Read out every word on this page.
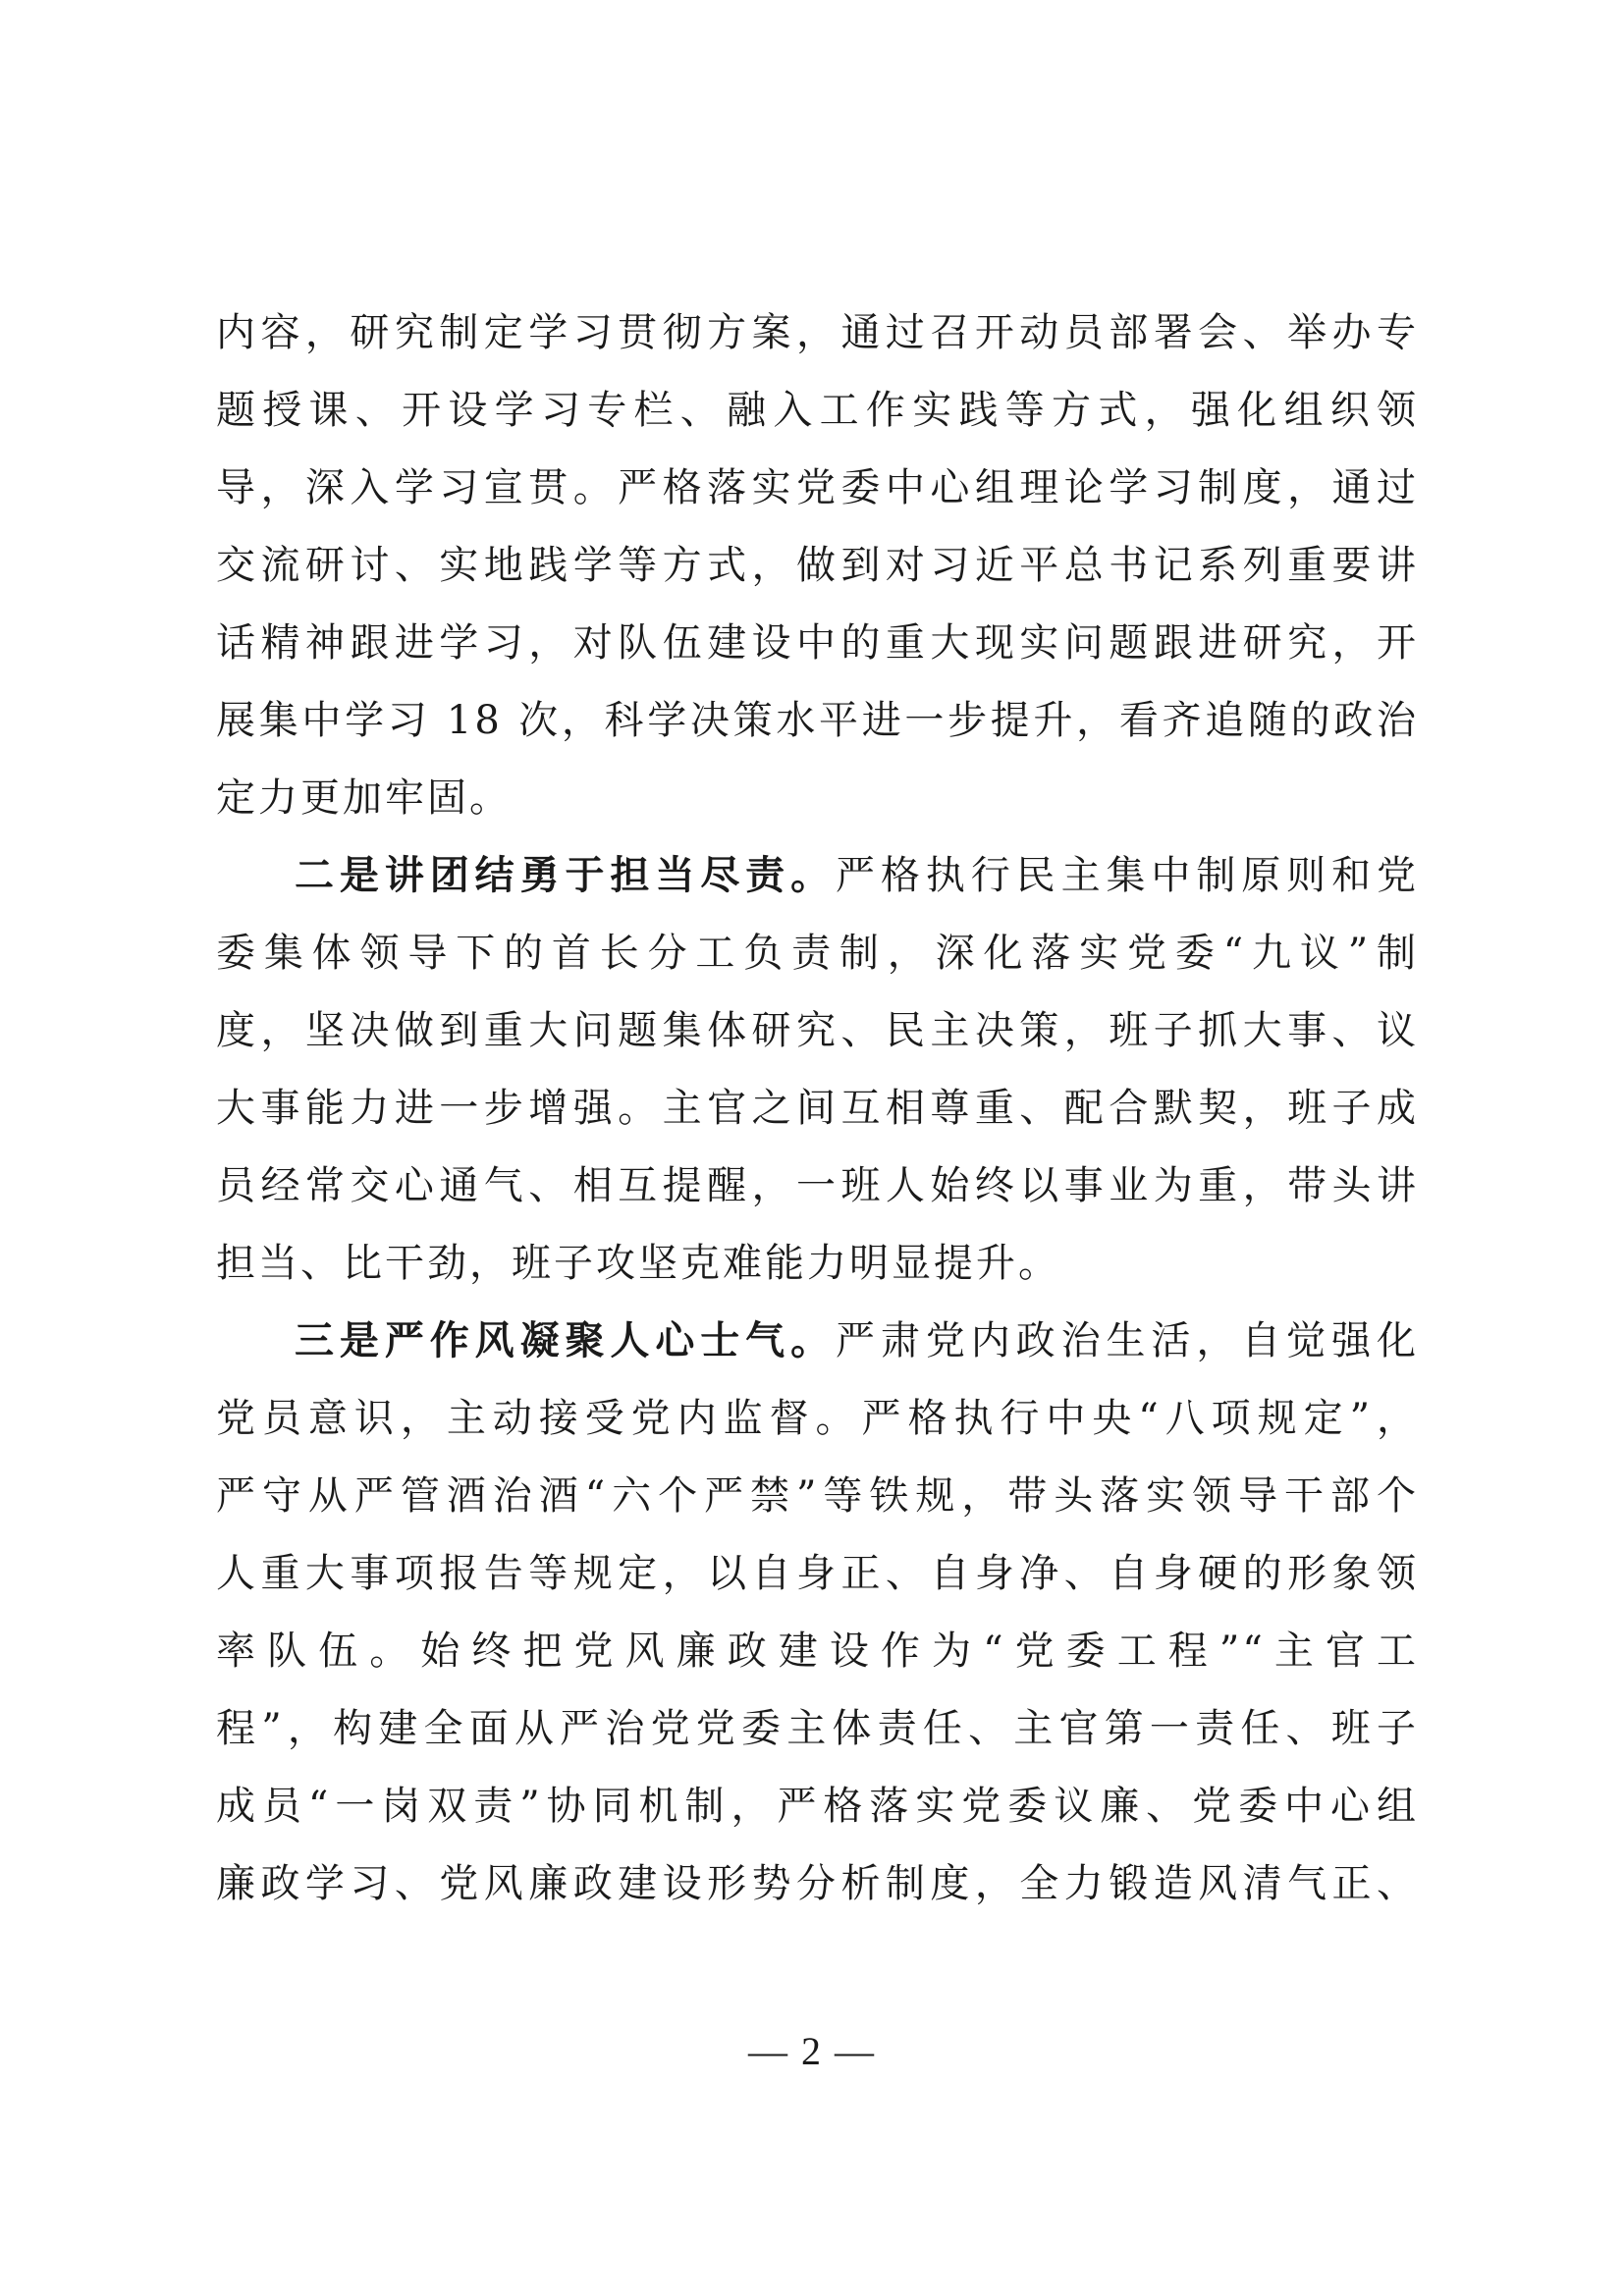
内容，研究制定学习贯彻方案，通过召开动员部署会、举办专
题授课、开设学习专栏、融入工作实践等方式，强化组织领
导，深入学习宣贯。严格落实党委中心组理论学习制度，通过
交流研讨、实地践学等方式，做到对习近平总书记系列重要讲
话精神跟进学习，对队伍建设中的重大现实问题跟进研究，开
展集中学习 18 次，科学决策水平进一步提升，看齐追随的政治
定力更加牢固。
二是讲团结勇于担当尽责。严格执行民主集中制原则和党
委集体领导下的首长分工负责制，深化落实党委“九议”制
度，坚决做到重大问题集体研究、民主决策，班子抓大事、议
大事能力进一步增强。主官之间互相尊重、配合默契，班子成
员经常交心通气、相互提醒，一班人始终以事业为重，带头讲
担当、比干劲，班子攻坚克难能力明显提升。
三是严作风凝聚人心士气。严肃党内政治生活，自觉强化
党员意识，主动接受党内监督。严格执行中央“八项规定”，
严守从严管酒治酒“六个严禁”等铁规，带头落实领导干部个
人重大事项报告等规定，以自身正、自身净、自身硬的形象领
率队伍。始终把党风廉政建设作为“党委工程”“主官工
程”，构建全面从严治党党委主体责任、主官第一责任、班子
成员“一岗双责”协同机制，严格落实党委议廉、党委中心组
廉政学习、党风廉政建设形势分析制度，全力锻造风清气正、
— 2 —
